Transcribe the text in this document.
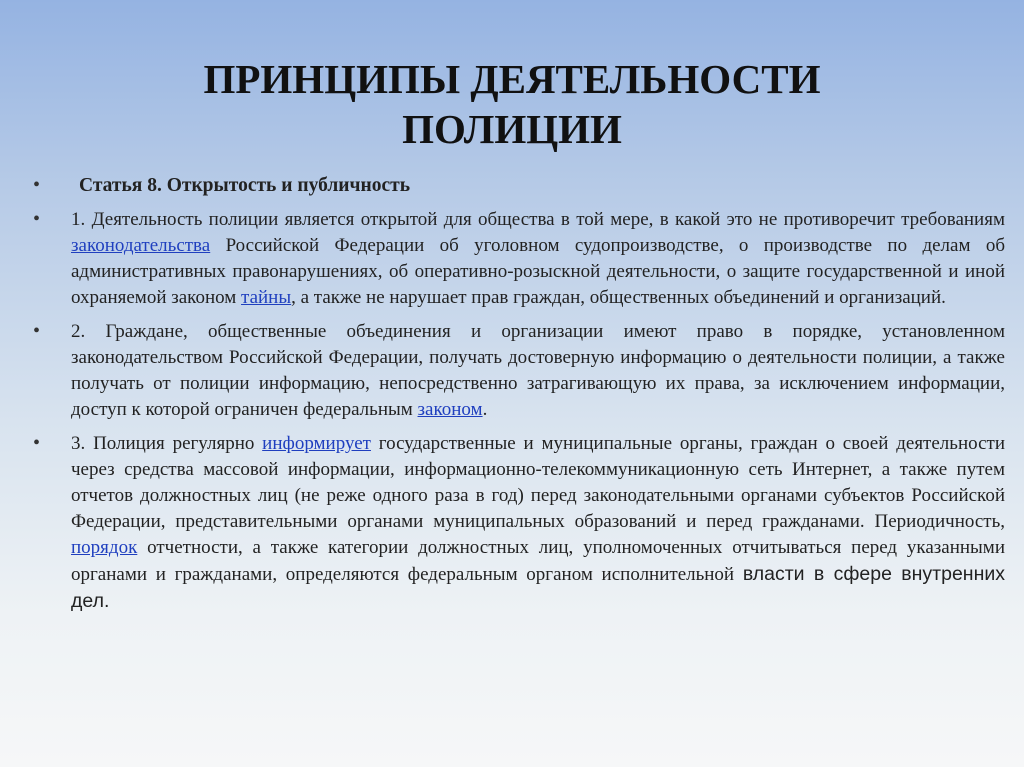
ПРИНЦИПЫ ДЕЯТЕЛЬНОСТИ
ПОЛИЦИИ
•	Статья 8. Открытость и публичность
• 1. Деятельность полиции является открытой для общества в той мере, в какой это не противоречит требованиям законодательства Российской Федерации об уголовном судопроизводстве, о производстве по делам об административных правонарушениях, об оперативно-розыскной деятельности, о защите государственной и иной охраняемой законом тайны, а также не нарушает прав граждан, общественных объединений и организаций.
• 2. Граждане, общественные объединения и организации имеют право в порядке, установленном законодательством Российской Федерации, получать достоверную информацию о деятельности полиции, а также получать от полиции информацию, непосредственно затрагивающую их права, за исключением информации, доступ к которой ограничен федеральным законом.
• 3. Полиция регулярно информирует государственные и муниципальные органы, граждан о своей деятельности через средства массовой информации, информационно-телекоммуникационную сеть Интернет, а также путем отчетов должностных лиц (не реже одного раза в год) перед законодательными органами субъектов Российской Федерации, представительными органами муниципальных образований и перед гражданами. Периодичность, порядок отчетности, а также категории должностных лиц, уполномоченных отчитываться перед указанными органами и гражданами, определяются федеральным органом исполнительной власти в сфере внутренних дел.
